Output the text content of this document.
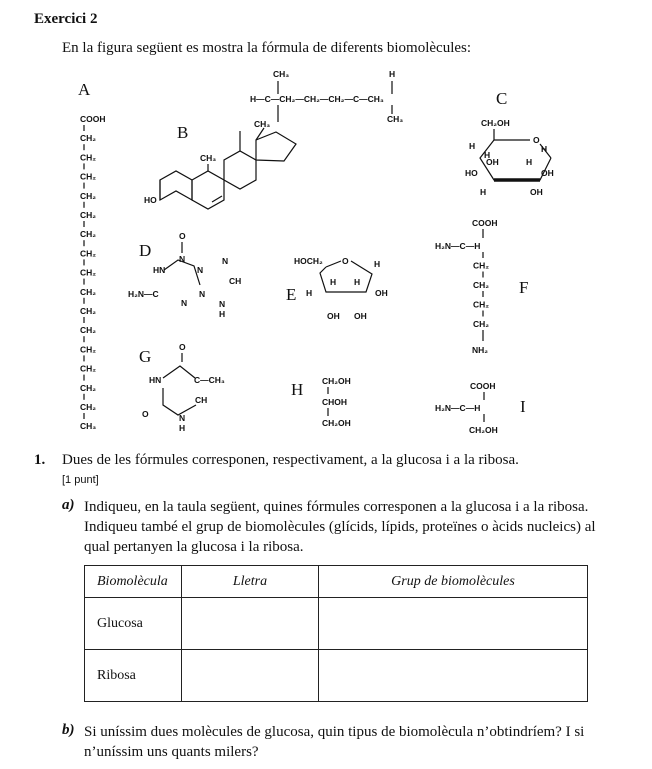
Exercici 2
En la figura següent es mostra la fórmula de diferents biomolècules:
A
B
C
D
E	F
G
H
I
COOH
CH₂
CH₂
CH₂
CH₂
CH₂
CH₂
CH₂
CH₂
CH₂
CH₂
CH₂
CH₂
CH₂
CH₂
CH₂
CH₃
H—C—CH₂—CH₂—CH₂—C—CH₃
CH₃	H
CH₃
CH₃
CH₃
HO
CH₂OH
O
H
H
H
OH	H
HO	OH
H	OH
O
N
HN	N
N
CH
H₂N—C
N
N
N
H
HOCH₂ O	H
H
H H
OH
OH OH
COOH
H₂N—C—H
CH₂
CH₂
CH₂
CH₂
NH₂
O
HN	C—CH₃
CH
O	N
H
CH₂OH
CHOH
CH₂OH
COOH
H₂N—C—H
CH₂OH
1. Dues de les fórmules corresponen, respectivament, a la glucosa i a la ribosa.
[1 punt]
a) Indiqueu, en la taula següent, quines fórmules corresponen a la glucosa i a la ribosa. Indiqueu també el grup de biomolècules (glícids, lípids, proteïnes o àcids nucleics) al qual pertanyen la glucosa i la ribosa.
Biomolècula	Lletra	Grup de biomolècules
Glucosa		
Ribosa		
b) Si uníssim dues molècules de glucosa, quin tipus de biomolècula n’obtindríem? I si n’uníssim uns quants milers?
